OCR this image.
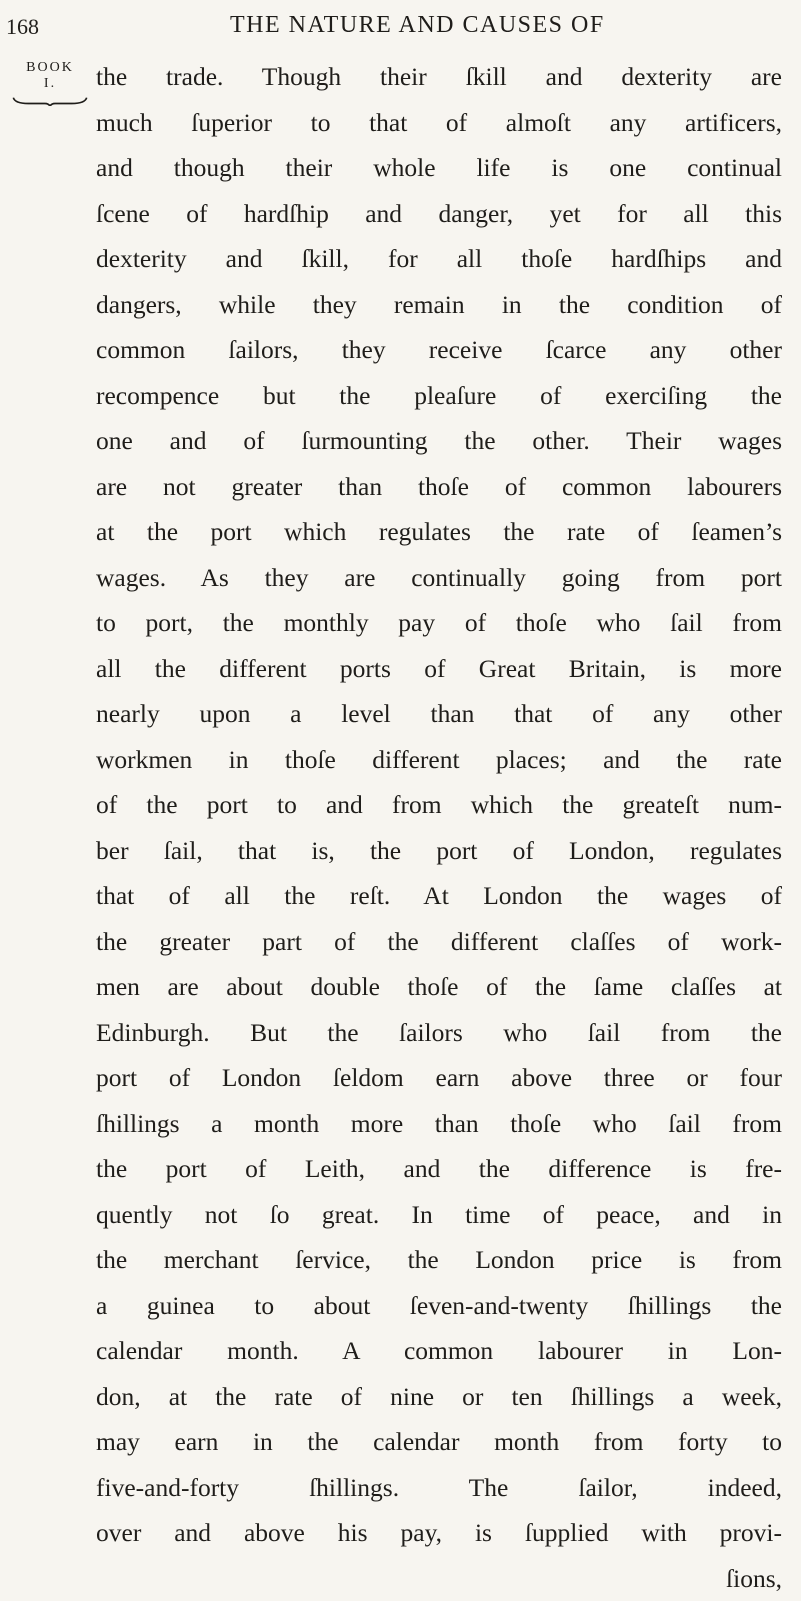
168	THE NATURE AND CAUSES OF
BOOK
I.	the trade. Though their ſkill and dexterity are
much ſuperior to that of almoſt any artificers,
and though their whole life is one continual
ſcene of hardſhip and danger, yet for all this
dexterity and ſkill, for all thoſe hardſhips and
dangers, while they remain in the condition of
common ſailors, they receive ſcarce any other
recompence but the pleaſure of exerciſing the
one and of ſurmounting the other. Their wages
are not greater than thoſe of common labourers
at the port which regulates the rate of ſeamen’s
wages. As they are continually going from port
to port, the monthly pay of thoſe who ſail from
all the different ports of Great Britain, is more
nearly upon a level than that of any other
workmen in thoſe different places; and the rate
of the port to and from which the greateſt num-
ber ſail, that is, the port of London, regulates
that of all the reſt. At London the wages of
the greater part of the different claſſes of work-
men are about double thoſe of the ſame claſſes at
Edinburgh. But the ſailors who ſail from the
port of London ſeldom earn above three or four
ſhillings a month more than thoſe who ſail from
the port of Leith, and the difference is fre-
quently not ſo great. In time of peace, and in
the merchant ſervice, the London price is from
a guinea to about ſeven-and-twenty ſhillings the
calendar month. A common labourer in Lon-
don, at the rate of nine or ten ſhillings a week,
may earn in the calendar month from forty to
five-and-forty ſhillings. The ſailor, indeed,
over and above his pay, is ſupplied with provi-
ſions,
